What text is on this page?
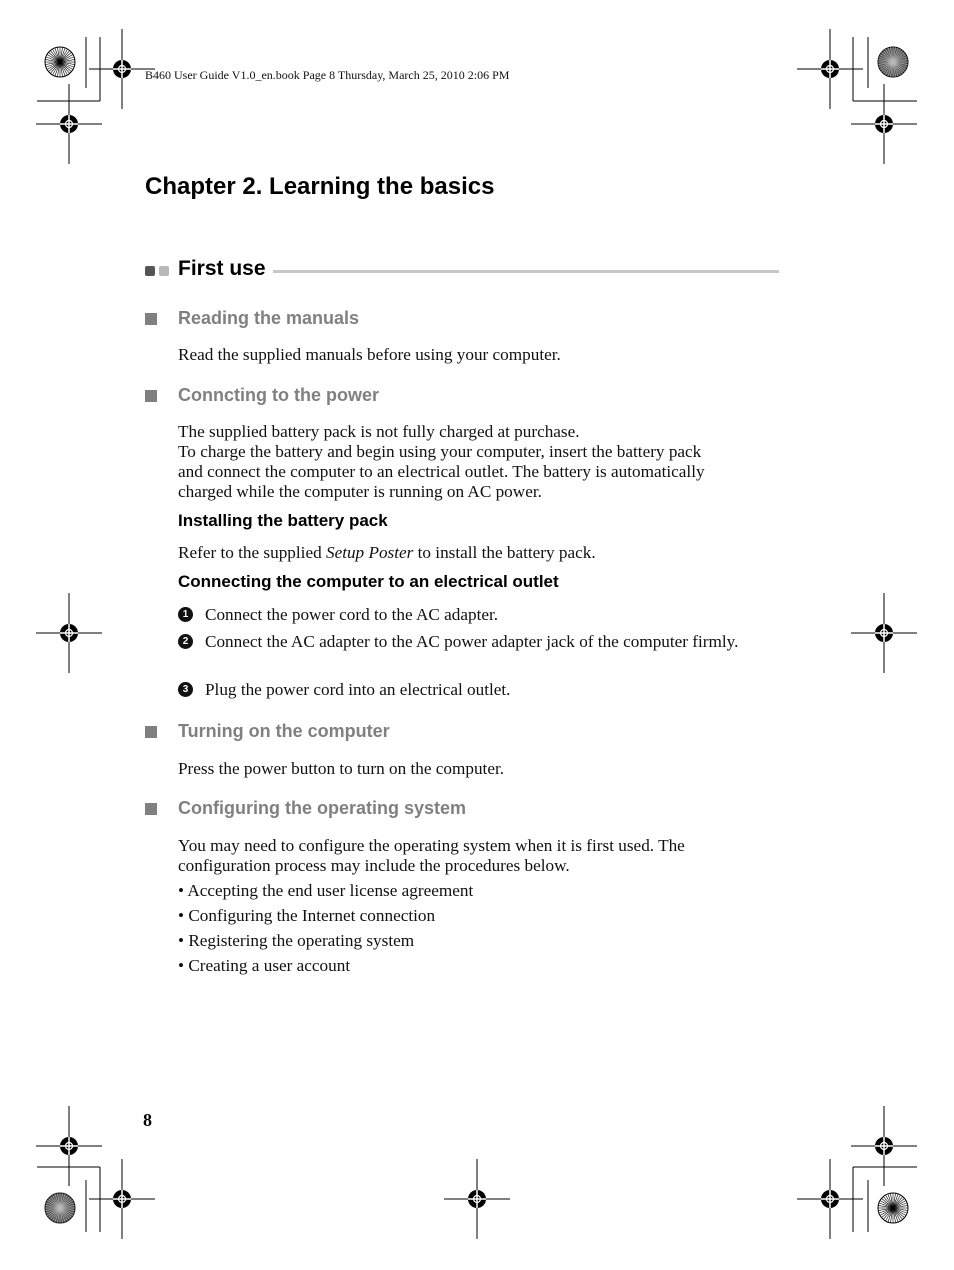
B460 User Guide V1.0_en.book Page 8 Thursday, March 25, 2010 2:06 PM
Chapter 2. Learning the basics
First use
Reading the manuals
Read the supplied manuals before using your computer.
Conncting to the power
The supplied battery pack is not fully charged at purchase.
To charge the battery and begin using your computer, insert the battery pack
and connect the computer to an electrical outlet. The battery is automatically
charged while the computer is running on AC power.
Installing the battery pack
Refer to the supplied Setup Poster to install the battery pack.
Connecting the computer to an electrical outlet
1 Connect the power cord to the AC adapter.
2 Connect the AC adapter to the AC power adapter jack of the computer firmly.
3 Plug the power cord into an electrical outlet.
Turning on the computer
Press the power button to turn on the computer.
Configuring the operating system
You may need to configure the operating system when it is first used. The
configuration process may include the procedures below.
• Accepting the end user license agreement
• Configuring the Internet connection
• Registering the operating system
• Creating a user account
8
